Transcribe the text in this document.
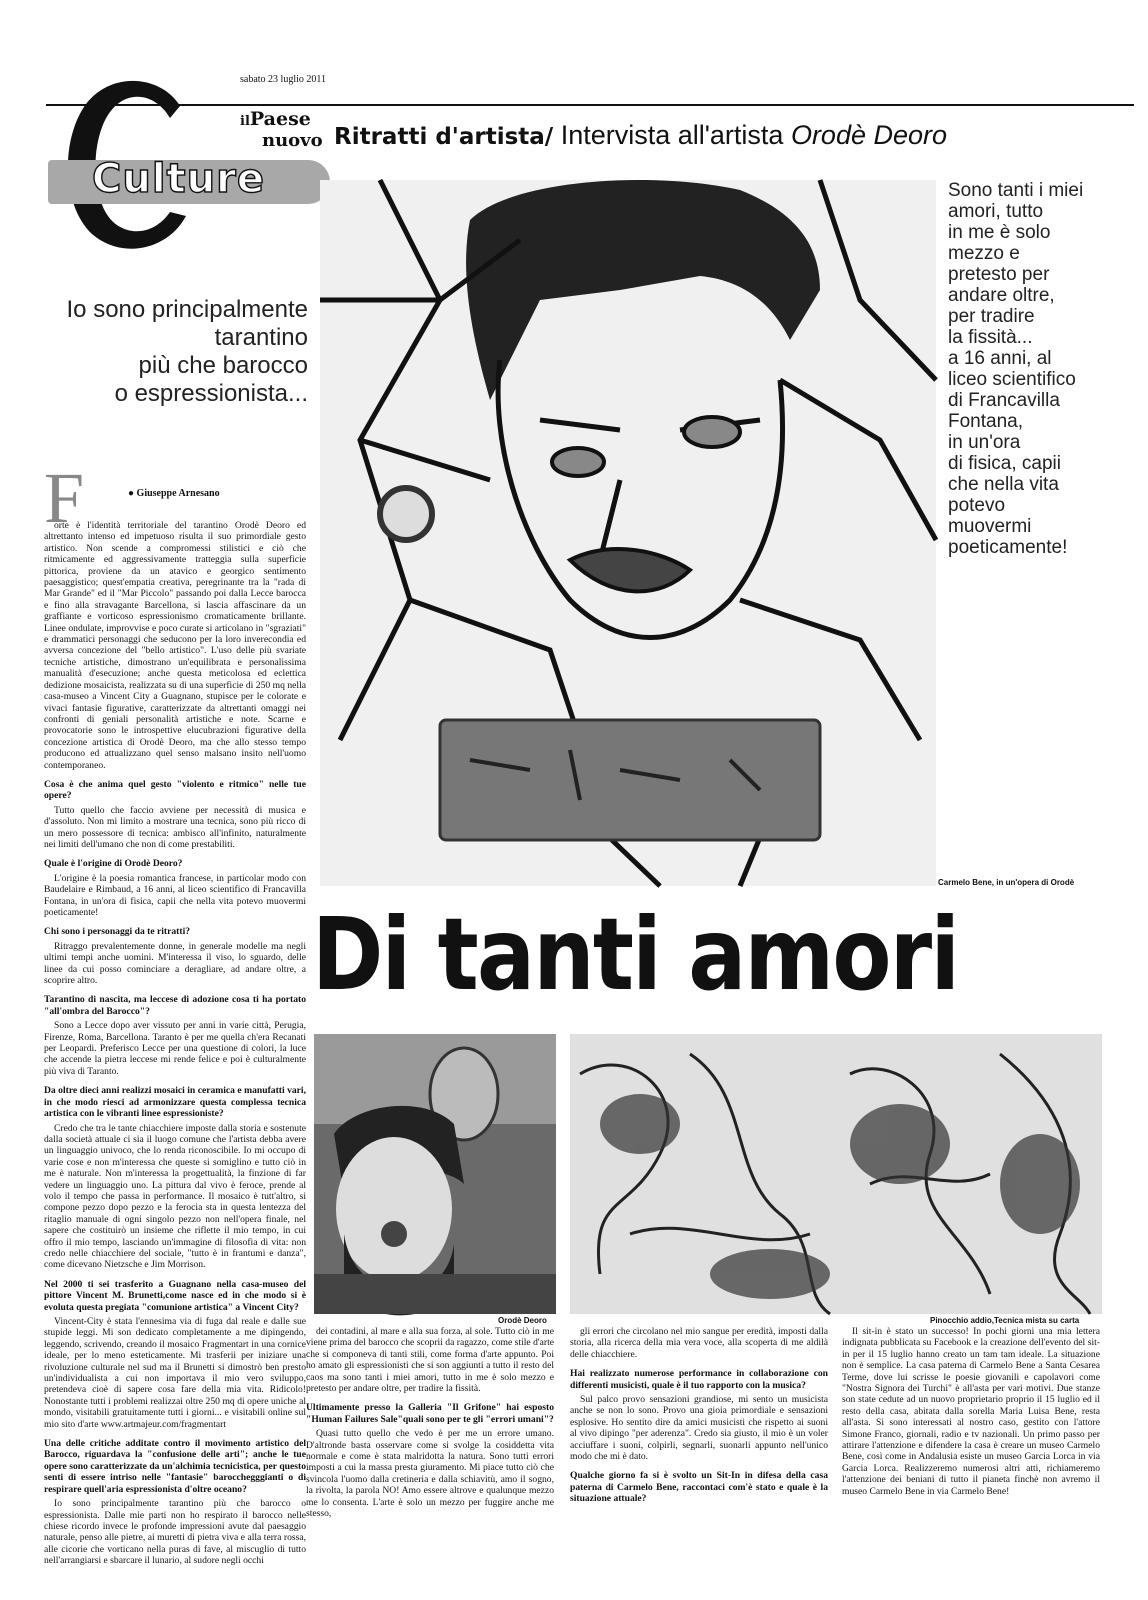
sabato 23 luglio 2011
Culture
ilPaese
nuovo Ritratti d'artista/ Intervista all'artista Orodè Deoro
Io sono principalmente
tarantino
più che barocco
o espressionista...
Sono tanti i miei
amori, tutto
in me è solo
mezzo e
pretesto per
andare oltre,
per tradire
la fissità...
a 16 anni, al
liceo scientifico
di Francavilla
Fontana,
in un'ora
di fisica, capii
che nella vita
potevo
muovermi
poeticamente!
Carmelo Bene, in un'opera di Orodè
Di tanti amori
Orodè Deoro	Pinocchio addio,Tecnica mista su carta
F	● Giuseppe Arnesano

orte è l'identità territoriale del tarantino Orodè Deoro ed altrettanto intenso ed impetuoso risulta il suo primordiale gesto artistico. Non scende a compromessi stilistici e ciò che ritmicamente ed aggressivamente tratteggia sulla superficie pittorica, proviene da un atavico e georgico sentimento paesaggistico; quest'empatia creativa, peregrinante tra la "rada di Mar Grande" ed il "Mar Piccolo" passando poi dalla Lecce barocca e fino alla stravagante Barcellona, si lascia affascinare da un graffiante e vorticoso espressionismo cromaticamente brillante. Linee ondulate, improvvise e poco curate si articolano in "sgraziati" e drammatici personaggi che seducono per la loro inverecondia ed avversa concezione del "bello artistico". L'uso delle più svariate tecniche artistiche, dimostrano un'equilibrata e personalissima manualità d'esecuzione; anche questa meticolosa ed eclettica dedizione mosaicista, realizzata su di una superficie di 250 mq nella casa-museo a Vincent City a Guagnano, stupisce per le colorate e vivaci fantasie figurative, caratterizzate da altrettanti omaggi nei confronti di geniali personalità artistiche e note. Scarne e provocatorie sono le introspettive elucubrazioni figurative della concezione artistica di Orodè Deoro, ma che allo stesso tempo producono ed attualizzano quel senso malsano insito nell'uomo contemporaneo.

Cosa è che anima quel gesto "violento e ritmico" nelle tue opere?

Tutto quello che faccio avviene per necessità di musica e d'assoluto. Non mi limito a mostrare una tecnica, sono più ricco di un mero possessore di tecnica: ambisco all'infinito, naturalmente nei limiti dell'umano che non di come prestabiliti.

Quale è l'origine di Orodè Deoro?

L'origine è la poesia romantica francese, in particolar modo con Baudelaire e Rimbaud, a 16 anni, al liceo scientifico di Francavilla Fontana, in un'ora di fisica, capii che nella vita potevo muovermi poeticamente!

Chi sono i personaggi da te ritratti?

Ritraggo prevalentemente donne, in generale modelle ma negli ultimi tempi anche uomini. M'interessa il viso, lo sguardo, delle linee da cui posso cominciare a deragliare, ad andare oltre, a scoprire altro.

Tarantino di nascita, ma leccese di adozione cosa ti ha portato "all'ombra del Barocco"?

Sono a Lecce dopo aver vissuto per anni in varie città, Perugia, Firenze, Roma, Barcellona. Taranto è per me quella ch'era Recanati per Leopardi. Preferisco Lecce per una questione di colori, la luce che accende la pietra leccese mi rende felice e poi è culturalmente più viva di Taranto.

Da oltre dieci anni realizzi mosaici in ceramica e manufatti vari, in che modo riesci ad armonizzare questa complessa tecnica artistica con le vibranti linee espressioniste?

Credo che tra le tante chiacchiere imposte dalla storia e sostenute dalla società attuale ci sia il luogo comune che l'artista debba avere un linguaggio univoco, che lo renda riconoscibile. Io mi occupo di varie cose e non m'interessa che queste si somiglino e tutto ciò in me è naturale. Non m'interessa la progettualità, la finzione di far vedere un linguaggio uno. La pittura dal vivo è feroce, prende al volo il tempo che passa in performance. Il mosaico è tutt'altro, si compone pezzo dopo pezzo e la ferocia sta in questa lentezza del ritaglio manuale di ogni singolo pezzo non nell'opera finale, nel sapere che costituirò un insieme che riflette il mio tempo, in cui offro il mio tempo, lasciando un'immagine di filosofia di vita: non credo nelle chiacchiere del sociale, "tutto è in frantumi e danza", come dicevano Nietzsche e Jim Morrison.

Nel 2000 ti sei trasferito a Guagnano nella casa-museo del pittore Vincent M. Brunetti,come nasce ed in che modo si è evoluta questa pregiata "comunione artistica" a Vincent City?

Vincent-City è stata l'ennesima via di fuga dal reale e dalle sue stupide leggi. Mi son dedicato completamente a me dipingendo, leggendo, scrivendo, creando il mosaico Fragmentart in una cornice ideale, per lo meno esteticamente. Mi trasferii per iniziare una rivoluzione culturale nel sud ma il Brunetti si dimostrò ben presto un'individualista a cui non importava il mio vero sviluppo, pretendeva cioè di sapere cosa fare della mia vita. Ridicolo! Nonostante tutti i problemi realizzai oltre 250 mq di opere uniche al mondo, visitabili gratuitamente tutti i giorni... e visitabili online sul mio sito d'arte www.artmajeur.com/fragmentart

Una delle critiche additate contro il movimento artistico del Barocco, riguardava la "confusione delle arti"; anche le tue opere sono caratterizzate da un'alchimia tecnicistica, per questo senti di essere intriso nelle "fantasie" barocchegggianti o di respirare quell'aria espressionista d'oltre oceano?

Io sono principalmente tarantino più che barocco o espressionista. Dalle mie parti non ho respirato il barocco nelle chiese ricordo invece le profonde impressioni avute dal paesaggio naturale, penso alle pietre, ai muretti di pietra viva e alla terra rossa, alle cicorie che vorticano nella puras di fave, al miscuglio di tutto nell'arrangiarsi e sbarcare il lunario, al sudore negli occhi

dei contadini, al mare e alla sua forza, al sole. Tutto ciò in me viene prima del barocco che scoprii da ragazzo, come stile d'arte che si componeva di tanti stili, come forma d'arte appunto. Poi ho amato gli espressionisti che si son aggiunti a tutto il resto del caos ma sono tanti i miei amori, tutto in me è solo mezzo e pretesto per andare oltre, per tradire la fissità.

Ultimamente presso la Galleria "Il Grifone" hai esposto "Human Failures Sale"quali sono per te gli "errori umani"?

Quasi tutto quello che vedo è per me un errore umano. D'altronde basta osservare come si svolge la cosiddetta vita normale e come è stata malridotta la natura. Sono tutti errori imposti a cui la massa presta giuramento. Mi piace tutto ciò che svincola l'uomo dalla cretineria e dalla schiavitù, amo il sogno, la rivolta, la parola NO! Amo essere altrove e qualunque mezzo me lo consenta. L'arte è solo un mezzo per fuggire anche me stesso,

gli errori che circolano nel mio sangue per eredità, imposti dalla storia, alla ricerca della mia vera voce, alla scoperta di me aldilà delle chiacchiere.

Hai realizzato numerose performance in collaborazione con differenti musicisti, quale è il tuo rapporto con la musica?

Sul palco provo sensazioni grandiose, mi sento un musicista anche se non lo sono. Provo una gioia primordiale e sensazioni esplosive. Ho sentito dire da amici musicisti che rispetto ai suoni al vivo dipingo "per aderenza". Credo sia giusto, il mio è un voler acciuffare i suoni, colpirli, segnarli, suonarli appunto nell'unico modo che mi è dato.

Qualche giorno fa si è svolto un Sit-In in difesa della casa paterna di Carmelo Bene, raccontaci com'è stato e quale è la situazione attuale?

Il sit-in è stato un successo! In pochi giorni una mia lettera indignata pubblicata su Facebook e la creazione dell'evento del sit-in per il 15 luglio hanno creato un tam tam ideale. La situazione non è semplice. La casa paterna di Carmelo Bene a Santa Cesarea Terme, dove lui scrisse le poesie giovanili e capolavori come "Nostra Signora dei Turchi" è all'asta per vari motivi. Due stanze son state cedute ad un nuovo proprietario proprio il 15 luglio ed il resto della casa, abitata dalla sorella Maria Luisa Bene, resta all'asta. Si sono interessati al nostro caso, gestito con l'attore Simone Franco, giornali, radio e tv nazionali. Un primo passo per attirare l'attenzione e difendere la casa è creare un museo Carmelo Bene, così come in Andalusia esiste un museo Garcia Lorca in via Garcia Lorca. Realizzeremo numerosi altri atti, richiameremo l'attenzione dei beniani di tutto il pianeta finchè non avremo il museo Carmelo Bene in via Carmelo Bene!
